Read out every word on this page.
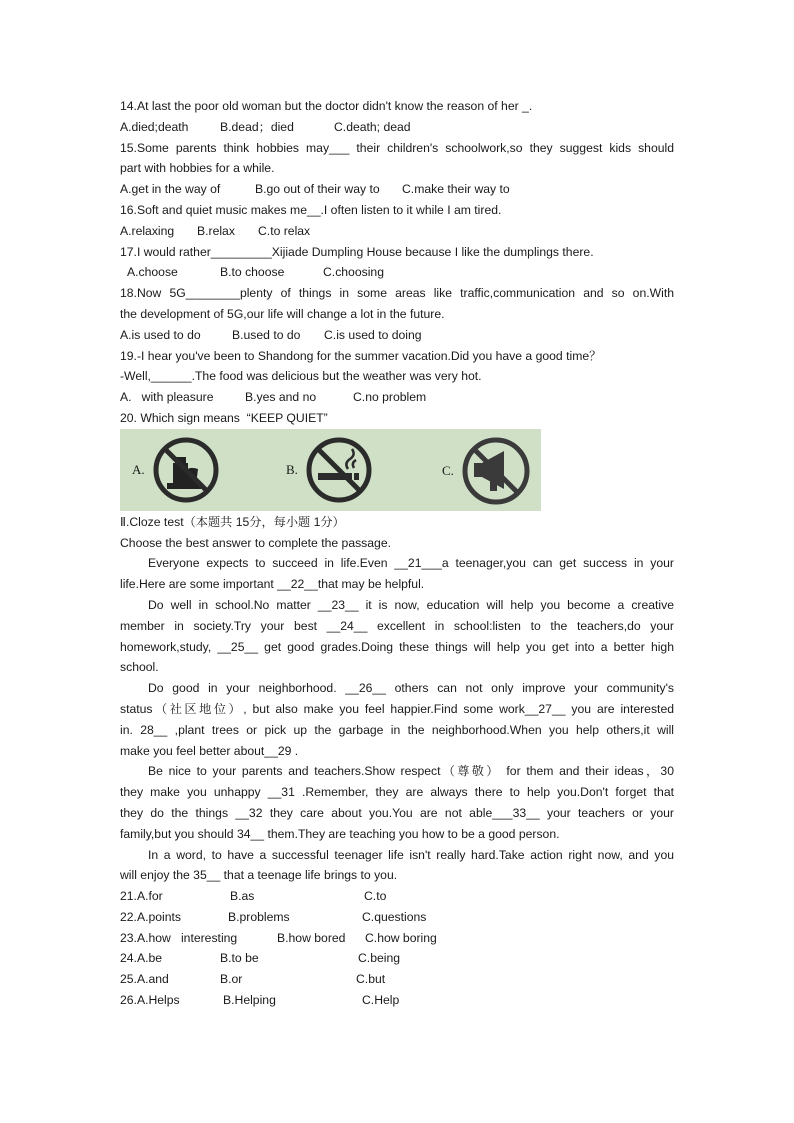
14.At last the poor old woman but the doctor didn't know the reason of her _.
A.died;death	B.dead；died	C.death; dead
15.Some parents think hobbies may___ their children's schoolwork,so they suggest kids should
part with hobbies for a while.
A.get in the way of	B.go out of their way to	C.make their way to
16.Soft and quiet music makes me__.I often listen to it while I am tired.
A.relaxing	B.relax	C.to relax
17.I would rather_________Xijiade Dumpling House because I like the dumplings there.
A.choose	B.to choose	C.choosing
18.Now 5G________plenty of things in some areas like traffic,communication and so on.With
the development of 5G,our life will change a lot in the future.
A.is used to do	B.used to do	C.is used to doing
19.-I hear you've been to Shandong for the summer vacation.Did you have a good time？
-Well,______.The food was delicious but the weather was very hot.
A.   with pleasure	B.yes and no	C.no problem
20. Which sign means  “KEEP QUIET”
A.	B.	C.
Ⅱ.Cloze test（本题共 15分，每小题 1分）
Choose the best answer to complete the passage.
Everyone expects to succeed in life.Even __21___a teenager,you can get success in your
life.Here are some important __22__that may be helpful.
Do well in school.No matter __23__ it is now, education will help you become a creative
member in society.Try your best __24__ excellent in school:listen to the teachers,do your
homework,study, __25__ get good grades.Doing these things will help you get into a better high
school.
Do good in your neighborhood. __26__ others can not only improve your community's
status（社区地位）, but also make you feel happier.Find some work__27__ you are interested
in. 28__ ,plant trees or pick up the garbage in the neighborhood.When you help others,it will
make you feel better about__29 .
Be nice to your parents and teachers.Show respect（尊敬） for them and their ideas，30
they make you unhappy __31 .Remember, they are always there to help you.Don't forget that
they do the things __32 they care about you.You are not able___33__ your teachers or your
family,but you should 34__ them.They are teaching you how to be a good person.
In a word, to have a successful teenager life isn't really hard.Take action right now, and you
will enjoy the 35__ that a teenage life brings to you.
21.A.for	B.as	C.to
22.A.points	B.problems	C.questions
23.A.how   interesting	B.how bored	C.how boring
24.A.be	B.to be	C.being
25.A.and	B.or	C.but
26.A.Helps	B.Helping	C.Help
